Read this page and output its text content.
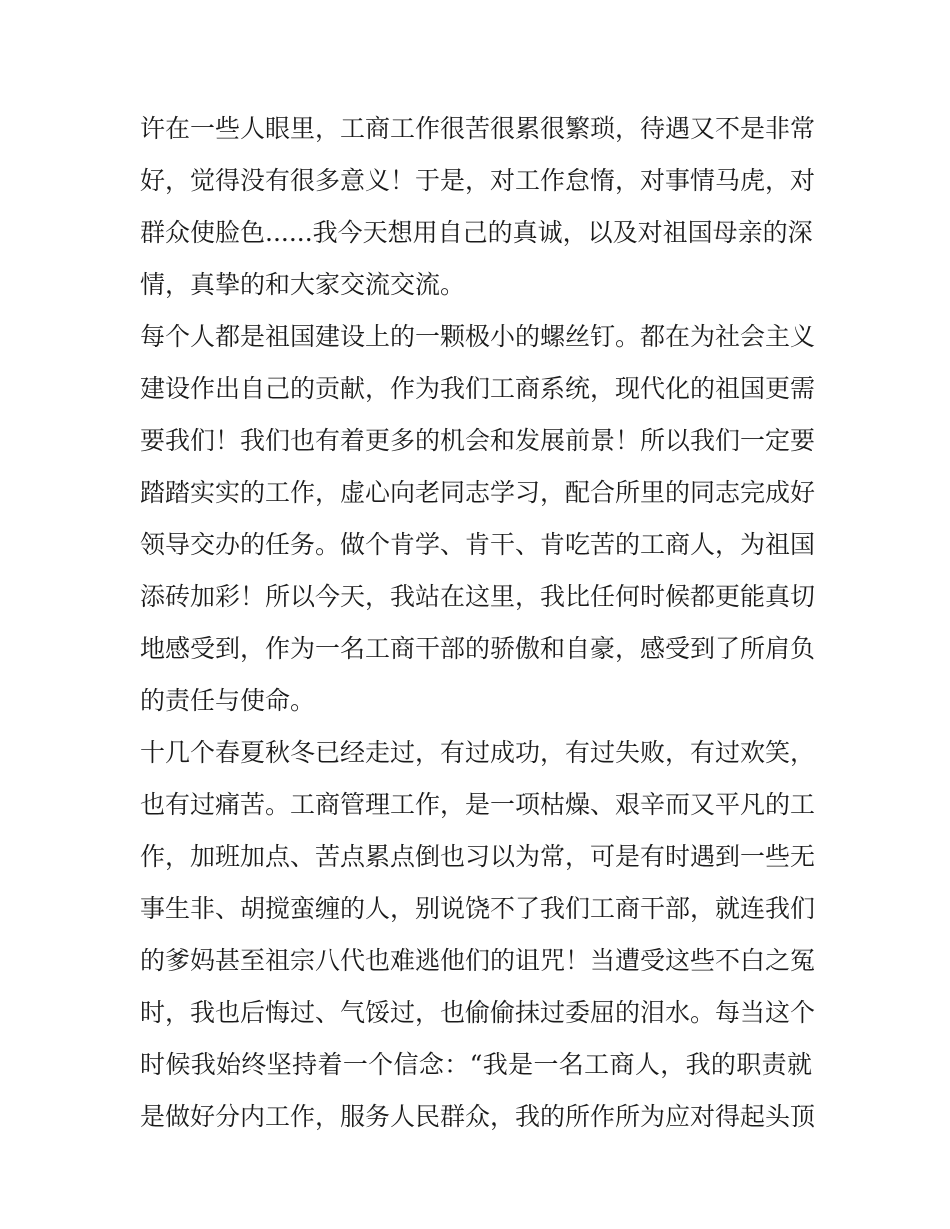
许在一些人眼里，工商工作很苦很累很繁琐，待遇又不是非常
好，觉得没有很多意义！于是，对工作怠惰，对事情马虎，对
群众使脸色......我今天想用自己的真诚，以及对祖国母亲的深
情，真挚的和大家交流交流。
每个人都是祖国建设上的一颗极小的螺丝钉。都在为社会主义
建设作出自己的贡献，作为我们工商系统，现代化的祖国更需
要我们！我们也有着更多的机会和发展前景！所以我们一定要
踏踏实实的工作，虚心向老同志学习，配合所里的同志完成好
领导交办的任务。做个肯学、肯干、肯吃苦的工商人，为祖国
添砖加彩！所以今天，我站在这里，我比任何时候都更能真切
地感受到，作为一名工商干部的骄傲和自豪，感受到了所肩负
的责任与使命。
十几个春夏秋冬已经走过，有过成功，有过失败，有过欢笑，
也有过痛苦。工商管理工作，是一项枯燥、艰辛而又平凡的工
作，加班加点、苦点累点倒也习以为常，可是有时遇到一些无
事生非、胡搅蛮缠的人，别说饶不了我们工商干部，就连我们
的爹妈甚至祖宗八代也难逃他们的诅咒！当遭受这些不白之冤
时，我也后悔过、气馁过，也偷偷抹过委屈的泪水。每当这个
时候我始终坚持着一个信念：“我是一名工商人，我的职责就
是做好分内工作，服务人民群众，我的所作所为应对得起头顶
